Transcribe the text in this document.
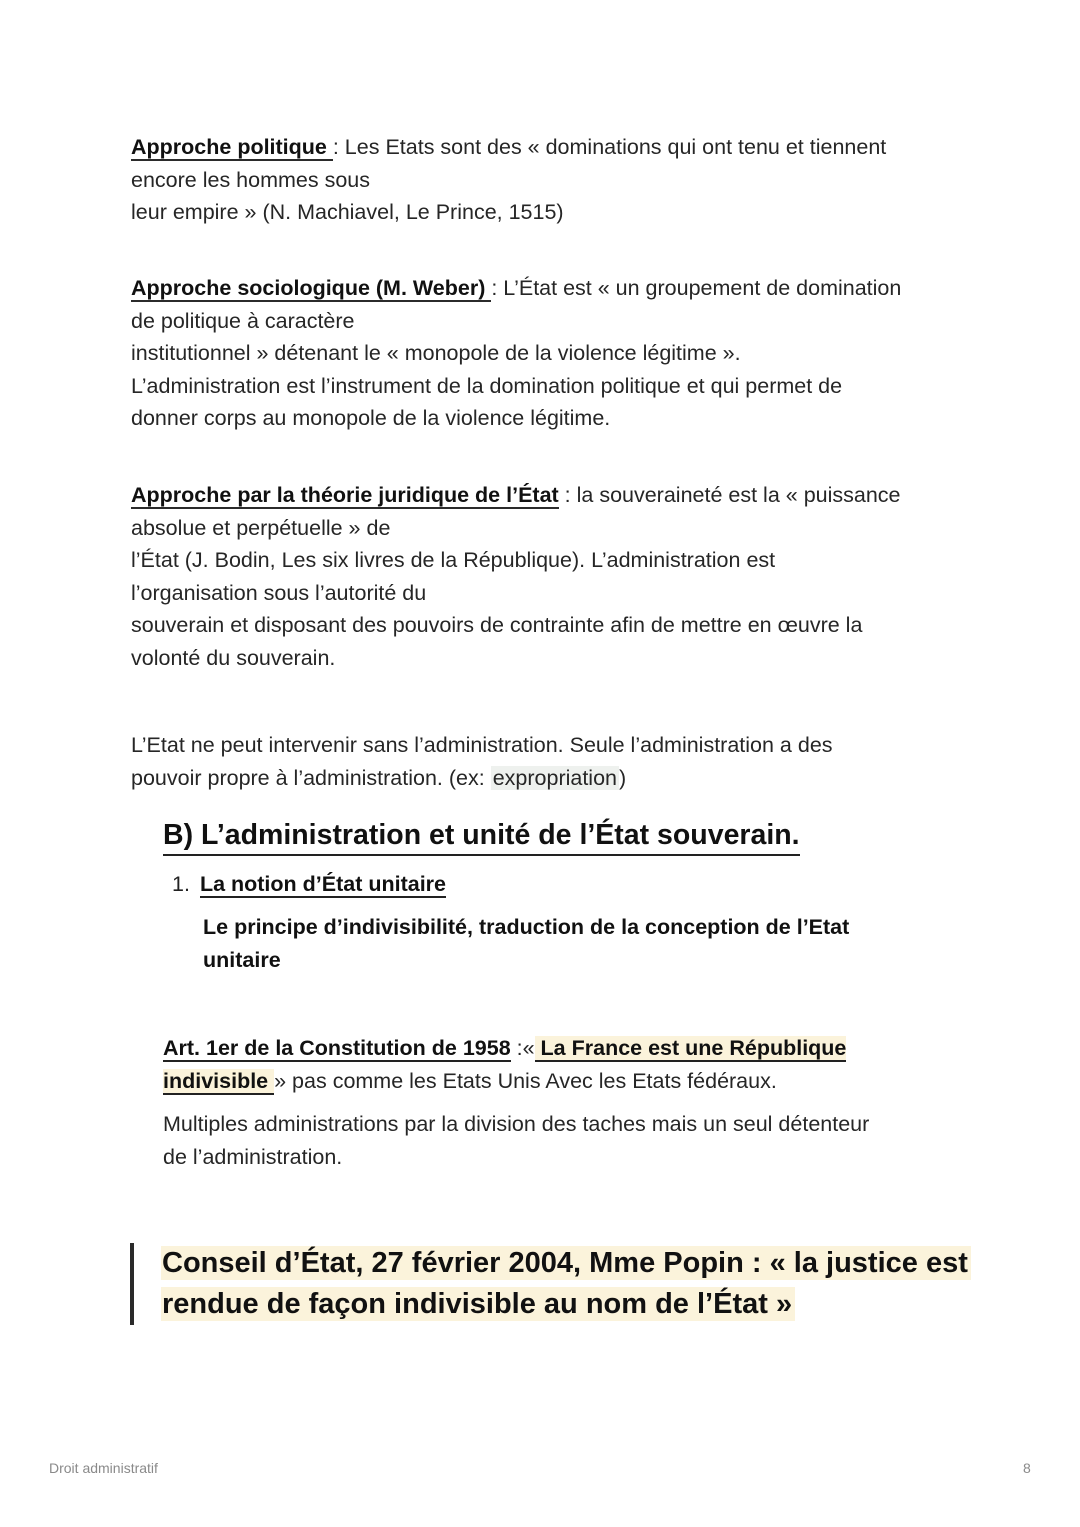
Approche politique : Les Etats sont des « dominations qui ont tenu et tiennent
encore les hommes sous
leur empire » (N. Machiavel, Le Prince, 1515)
Approche sociologique (M. Weber) : L’État est « un groupement de domination
de politique à caractère
institutionnel » détenant le « monopole de la violence légitime ».
L’administration est l’instrument de la domination politique et qui permet de
donner corps au monopole de la violence légitime.
Approche par la théorie juridique de l’État : la souveraineté est la « puissance
absolue et perpétuelle » de
l’État (J. Bodin, Les six livres de la République). L’administration est
l’organisation sous l’autorité du
souverain et disposant des pouvoirs de contrainte afin de mettre en œuvre la
volonté du souverain.
L’Etat ne peut intervenir sans l’administration. Seule l’administration a des
pouvoir propre à l’administration. (ex: expropriation)
B) L’administration et unité de l’État souverain.
1. La notion d’État unitaire
Le principe d’indivisibilité, traduction de la conception de l’Etat
unitaire
Art. 1er de la Constitution de 1958 :« La France est une République
indivisible » pas comme les Etats Unis Avec les Etats fédéraux.
Multiples administrations par la division des taches mais un seul détenteur
de l’administration.
Conseil d’État, 27 février 2004, Mme Popin : « la justice est
rendue de façon indivisible au nom de l’État »
Droit administratif	8
